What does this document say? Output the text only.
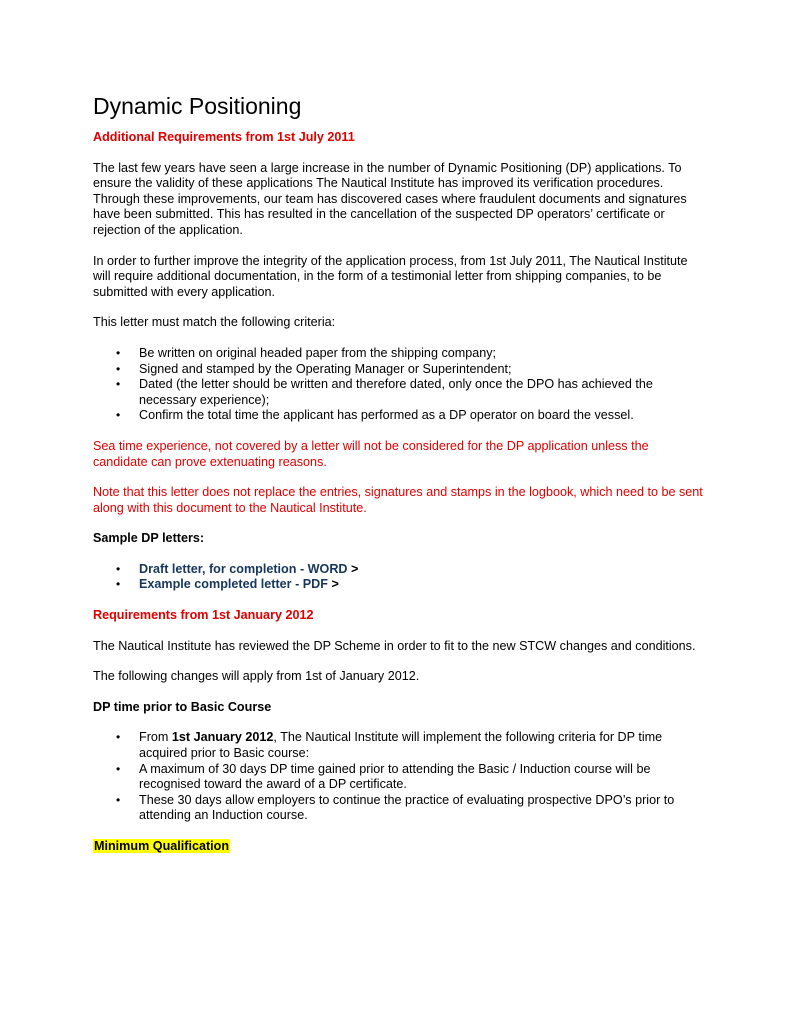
Dynamic Positioning

Additional Requirements from 1st July 2011

The last few years have seen a large increase in the number of Dynamic Positioning (DP) applications. To ensure the validity of these applications The Nautical Institute has improved its verification procedures. Through these improvements, our team has discovered cases where fraudulent documents and signatures have been submitted. This has resulted in the cancellation of the suspected DP operators’ certificate or rejection of the application.

In order to further improve the integrity of the application process, from 1st July 2011, The Nautical Institute will require additional documentation, in the form of a testimonial letter from shipping companies, to be submitted with every application.

This letter must match the following criteria:

• Be written on original headed paper from the shipping company;
• Signed and stamped by the Operating Manager or Superintendent;
• Dated (the letter should be written and therefore dated, only once the DPO has achieved the necessary experience);
• Confirm the total time the applicant has performed as a DP operator on board the vessel.

Sea time experience, not covered by a letter will not be considered for the DP application unless the candidate can prove extenuating reasons.

Note that this letter does not replace the entries, signatures and stamps in the logbook, which need to be sent along with this document to the Nautical Institute.

Sample DP letters:

• Draft letter, for completion - WORD >
• Example completed letter - PDF >

Requirements from 1st January 2012

The Nautical Institute has reviewed the DP Scheme in order to fit to the new STCW changes and conditions.

The following changes will apply from 1st of January 2012.

DP time prior to Basic Course

• From 1st January 2012, The Nautical Institute will implement the following criteria for DP time acquired prior to Basic course:
• A maximum of 30 days DP time gained prior to attending the Basic / Induction course will be recognised toward the award of a DP certificate.
• These 30 days allow employers to continue the practice of evaluating prospective DPO’s prior to attending an Induction course.

Minimum Qualification
